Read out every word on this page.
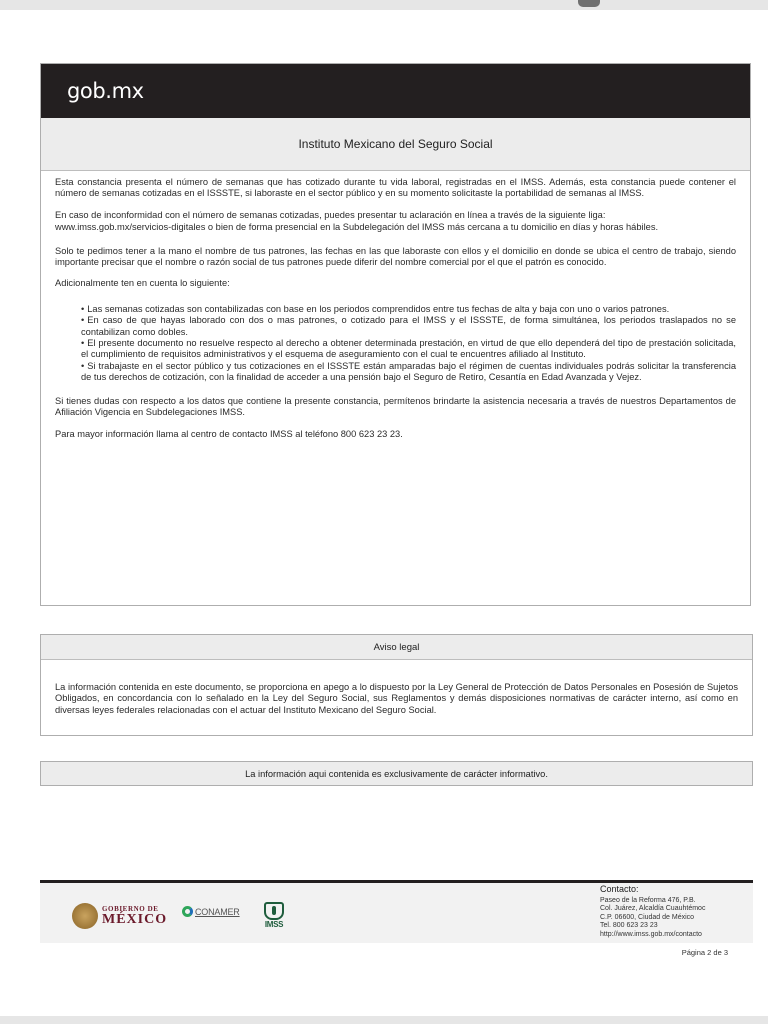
gob.mx
Instituto Mexicano del Seguro Social

Esta constancia presenta el número de semanas que has cotizado durante tu vida laboral, registradas en el IMSS. Además, esta constancia puede contener el número de semanas cotizadas en el ISSSTE, si laboraste en el sector público y en su momento solicitaste la portabilidad de semanas al IMSS.

En caso de inconformidad con el número de semanas cotizadas, puedes presentar tu aclaración en línea a través de la siguiente liga:

www.imss.gob.mx/servicios-digitales o bien de forma presencial en la Subdelegación del IMSS más cercana a tu domicilio en días y horas hábiles.

Solo te pedimos tener a la mano el nombre de tus patrones, las fechas en las que laboraste con ellos y el domicilio en donde se ubica el centro de trabajo, siendo importante precisar que el nombre o razón social de tus patrones puede diferir del nombre comercial por el que el patrón es conocido.

Adicionalmente ten en cuenta lo siguiente:

• Las semanas cotizadas son contabilizadas con base en los periodos comprendidos entre tus fechas de alta y baja con uno o varios patrones.
• En caso de que hayas laborado con dos o mas patrones, o cotizado para el IMSS y el ISSSTE, de forma simultánea, los periodos traslapados no se contabilizan como dobles.
• El presente documento no resuelve respecto al derecho a obtener determinada prestación, en virtud de que ello dependerá del tipo de prestación solicitada, el cumplimiento de requisitos administrativos y el esquema de aseguramiento con el cual te encuentres afiliado al Instituto.
• Si trabajaste en el sector público y tus cotizaciones en el ISSSTE están amparadas bajo el régimen de cuentas individuales podrás solicitar la transferencia de tus derechos de cotización, con la finalidad de acceder a una pensión bajo el Seguro de Retiro, Cesantía en Edad Avanzada y Vejez.

Si tienes dudas con respecto a los datos que contiene la presente constancia, permítenos brindarte la asistencia necesaria a través de nuestros Departamentos de Afiliación Vigencia en Subdelegaciones IMSS.

Para mayor información llama al centro de contacto IMSS al teléfono 800 623 23 23.

Aviso legal
La información contenida en este documento, se proporciona en apego a lo dispuesto por la Ley General de Protección de Datos Personales en Posesión de Sujetos Obligados, en concordancia con lo señalado en la Ley del Seguro Social, sus Reglamentos y demás disposiciones normativas de carácter interno, así como en diversas leyes federales relacionadas con el actuar del Instituto Mexicano del Seguro Social.
La información aqui contenida es exclusivamente de carácter informativo.
GOBIERNO DE
MÉXICO	CONAMER
IMSS
Contacto:
Paseo de la Reforma 476, P.B.
Col. Juárez, Alcaldía Cuauhtémoc
C.P. 06600, Ciudad de México
Tel. 800 623 23 23
http://www.imss.gob.mx/contacto
Página 2 de 3
